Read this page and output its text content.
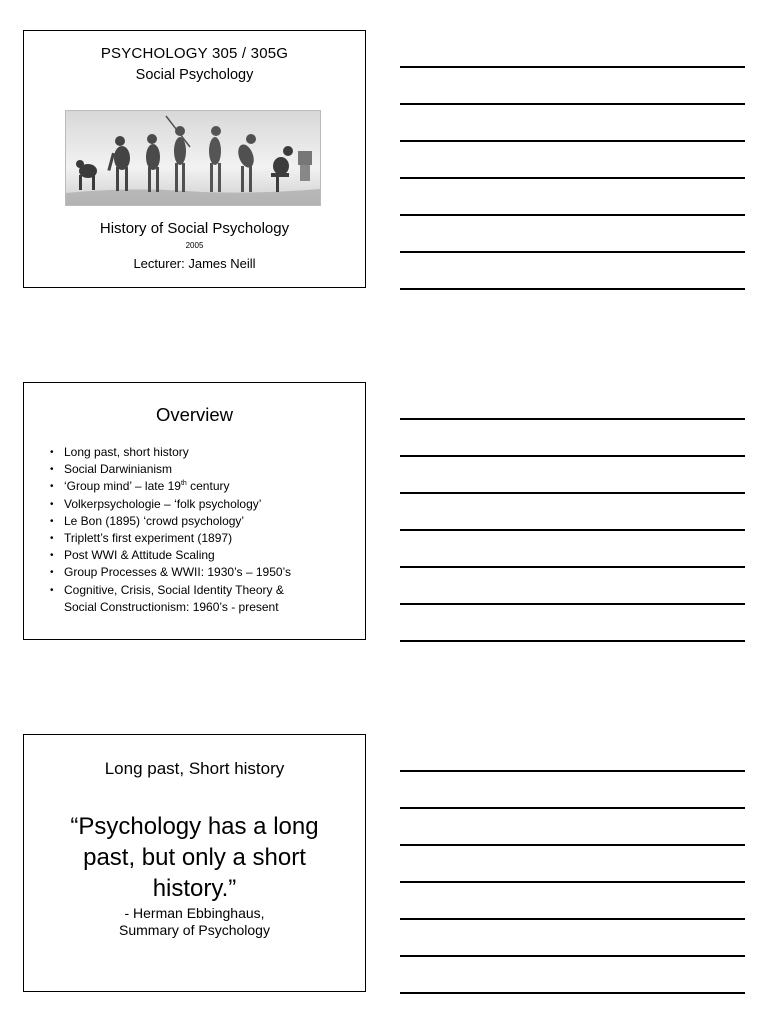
PSYCHOLOGY 305 / 305G
Social Psychology
History of Social Psychology
2005
Lecturer: James Neill
Overview
• Long past, short history
• Social Darwinianism
• ‘Group mind’ – late 19th century
• Volkerpsychologie – ‘folk psychology’
• Le Bon (1895) ‘crowd psychology’
• Triplett’s first experiment (1897)
• Post WWI & Attitude Scaling
• Group Processes & WWII: 1930’s – 1950’s
• Cognitive, Crisis, Social Identity Theory &
Social Constructionism: 1960’s - present
Long past, Short history
“Psychology has a long
past, but only a short
history.”
- Herman Ebbinghaus,
Summary of Psychology
